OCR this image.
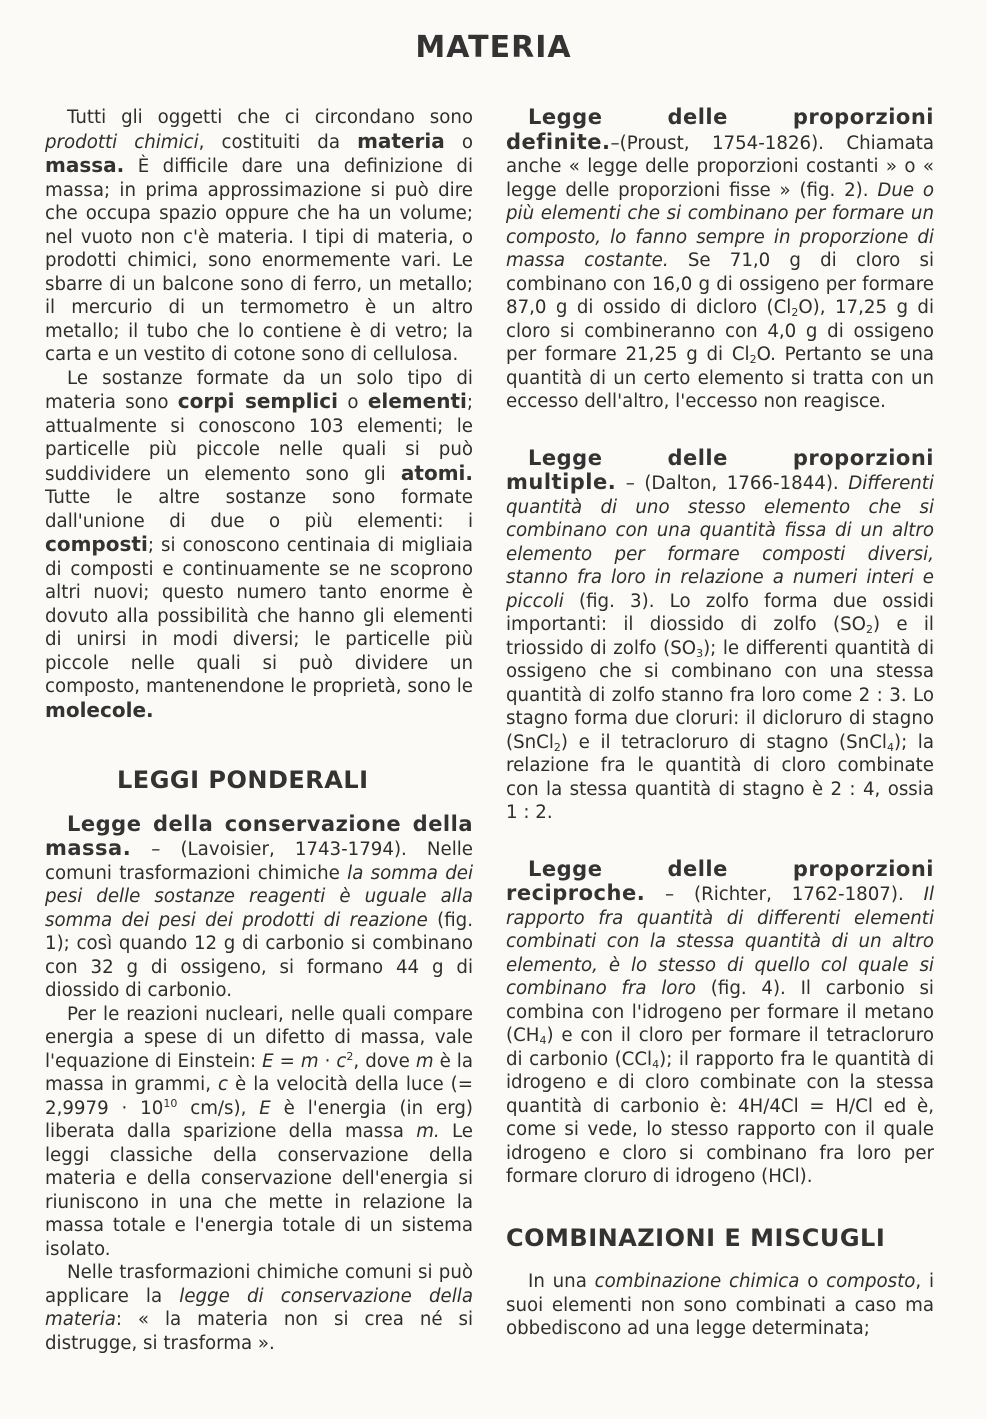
MATERIA

Tutti gli oggetti che ci circondano sono prodotti chimici, costituiti da materia o massa. È difficile dare una definizione di massa; in prima approssimazione si può dire che occupa spazio oppure che ha un volume; nel vuoto non c'è materia. I tipi di materia, o prodotti chimici, sono enormemente vari. Le sbarre di un balcone sono di ferro, un metallo; il mercurio di un termometro è un altro metallo; il tubo che lo contiene è di vetro; la carta e un vestito di cotone sono di cellulosa.

Le sostanze formate da un solo tipo di materia sono corpi semplici o elementi; attualmente si conoscono 103 elementi; le particelle più piccole nelle quali si può suddividere un elemento sono gli atomi. Tutte le altre sostanze sono formate dall'unione di due o più elementi: i composti; si conoscono centinaia di migliaia di composti e continuamente se ne scoprono altri nuovi; questo numero tanto enorme è dovuto alla possibilità che hanno gli elementi di unirsi in modi diversi; le particelle più piccole nelle quali si può dividere un composto, mantenendone le proprietà, sono le molecole.

LEGGI PONDERALI

Legge della conservazione della massa. – (Lavoisier, 1743-1794). Nelle comuni trasformazioni chimiche la somma dei pesi delle sostanze reagenti è uguale alla somma dei pesi dei prodotti di reazione (fig. 1); così quando 12 g di carbonio si combinano con 32 g di ossigeno, si formano 44 g di diossido di carbonio.

Per le reazioni nucleari, nelle quali compare energia a spese di un difetto di massa, vale l'equazione di Einstein: $E = m \cdot c^2$, dove m è la massa in grammi, c è la velocità della luce (= $2,9979 \cdot 10^{10}$ cm/s), E è l'energia (in erg) liberata dalla sparizione della massa m. Le leggi classiche della conservazione della materia e della conservazione dell'energia si riuniscono in una che mette in relazione la massa totale e l'energia totale di un sistema isolato.

Nelle trasformazioni chimiche comuni si può applicare la legge di conservazione della materia: « la materia non si crea né si distrugge, si trasforma ».

Legge delle proporzioni definite.–(Proust, 1754-1826). Chiamata anche « legge delle proporzioni costanti » o « legge delle proporzioni fisse » (fig. 2). Due o più elementi che si combinano per formare un composto, lo fanno sempre in proporzione di massa costante. Se 71,0 g di cloro si combinano con 16,0 g di ossigeno per formare 87,0 g di ossido di dicloro $(Cl_2O)$, 17,25 g di cloro si combineranno con 4,0 g di ossigeno per formare 21,25 g di $Cl_2O$. Pertanto se una quantità di un certo elemento si tratta con un eccesso dell'altro, l'eccesso non reagisce.

Legge delle proporzioni multiple. – (Dalton, 1766-1844). Differenti quantità di uno stesso elemento che si combinano con una quantità fissa di un altro elemento per formare composti diversi, stanno fra loro in relazione a numeri interi e piccoli (fig. 3). Lo zolfo forma due ossidi importanti: il diossido di zolfo $(SO_2)$ e il triossido di zolfo $(SO_3)$; le differenti quantità di ossigeno che si combinano con una stessa quantità di zolfo stanno fra loro come 2 : 3. Lo stagno forma due cloruri: il dicloruro di stagno (SnCl$_2$) e il tetracloruro di stagno (SnCl$_4$); la relazione fra le quantità di cloro combinate con la stessa quantità di stagno è 2 : 4, ossia 1 : 2.

Legge delle proporzioni reciproche. – (Richter, 1762-1807). Il rapporto fra quantità di differenti elementi combinati con la stessa quantità di un altro elemento, è lo stesso di quello col quale si combinano fra loro (fig. 4). Il carbonio si combina con l'idrogeno per formare il metano $(CH_4)$ e con il cloro per formare il tetracloruro di carbonio (CCl$_4$); il rapporto fra le quantità di idrogeno e di cloro combinate con la stessa quantità di carbonio è: 4H/4Cl = H/Cl ed è, come si vede, lo stesso rapporto con il quale idrogeno e cloro si combinano fra loro per formare cloruro di idrogeno (HCl).

COMBINAZIONI E MISCUGLI

In una combinazione chimica o composto, i suoi elementi non sono combinati a caso ma obbediscono ad una legge determinata;
